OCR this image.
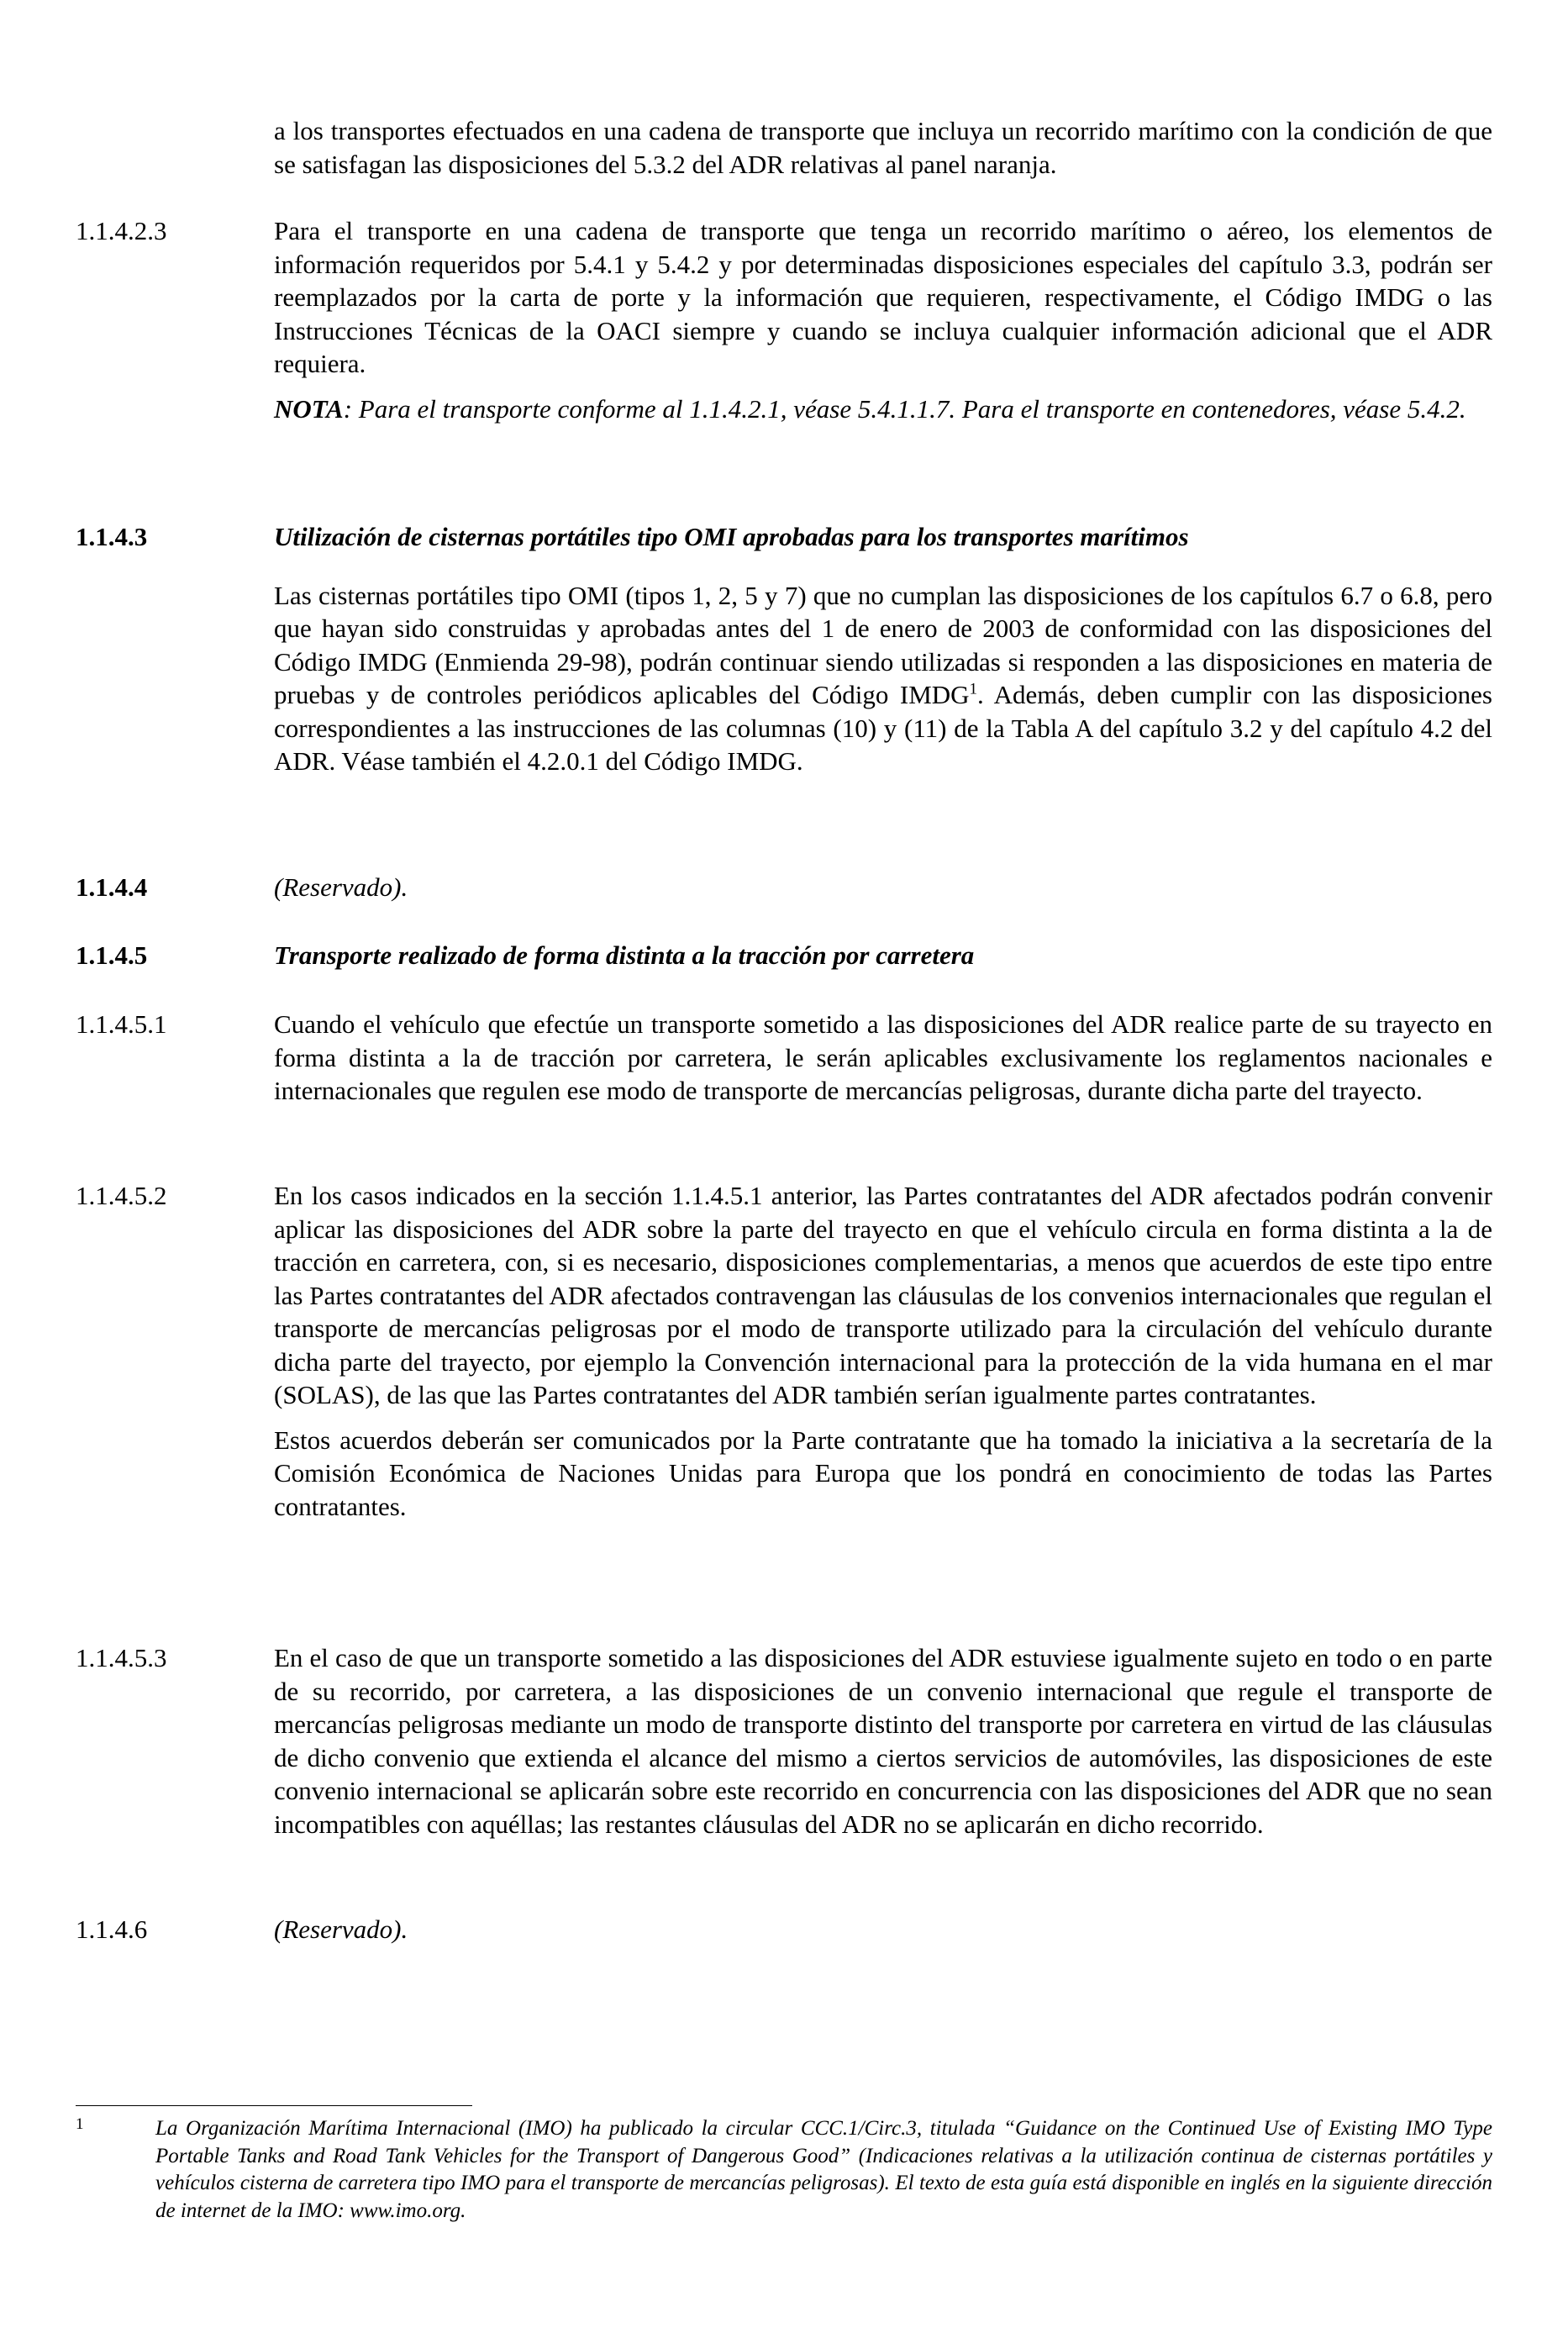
a los transportes efectuados en una cadena de transporte que incluya un recorrido marítimo con la condición de que se satisfagan las disposiciones del 5.3.2 del ADR relativas al panel naranja.

1.1.4.2.3	Para el transporte en una cadena de transporte que tenga un recorrido marítimo o aéreo, los elementos de información requeridos por 5.4.1 y 5.4.2 y por determinadas disposiciones especiales del capítulo 3.3, podrán ser reemplazados por la carta de porte y la información que requieren, respectivamente, el Código IMDG o las Instrucciones Técnicas de la OACI siempre y cuando se incluya cualquier información adicional que el ADR requiera.

NOTA: Para el transporte conforme al 1.1.4.2.1, véase 5.4.1.1.7. Para el transporte en contenedores, véase 5.4.2.

1.1.4.3	Utilización de cisternas portátiles tipo OMI aprobadas para los transportes marítimos

Las cisternas portátiles tipo OMI (tipos 1, 2, 5 y 7) que no cumplan las disposiciones de los capítulos 6.7 o 6.8, pero que hayan sido construidas y aprobadas antes del 1 de enero de 2003 de conformidad con las disposiciones del Código IMDG (Enmienda 29-98), podrán continuar siendo utilizadas si responden a las disposiciones en materia de pruebas y de controles periódicos aplicables del Código IMDG$^1$. Además, deben cumplir con las disposiciones correspondientes a las instrucciones de las columnas (10) y (11) de la Tabla A del capítulo 3.2 y del capítulo 4.2 del ADR. Véase también el 4.2.0.1 del Código IMDG.

1.1.4.4	(Reservado).

1.1.4.5	Transporte realizado de forma distinta a la tracción por carretera

1.1.4.5.1	Cuando el vehículo que efectúe un transporte sometido a las disposiciones del ADR realice parte de su trayecto en forma distinta a la de tracción por carretera, le serán aplicables exclusivamente los reglamentos nacionales e internacionales que regulen ese modo de transporte de mercancías peligrosas, durante dicha parte del trayecto.

1.1.4.5.2	En los casos indicados en la sección 1.1.4.5.1 anterior, las Partes contratantes del ADR afectados podrán convenir aplicar las disposiciones del ADR sobre la parte del trayecto en que el vehículo circula en forma distinta a la de tracción en carretera, con, si es necesario, disposiciones complementarias, a menos que acuerdos de este tipo entre las Partes contratantes del ADR afectados contravengan las cláusulas de los convenios internacionales que regulan el transporte de mercancías peligrosas por el modo de transporte utilizado para la circulación del vehículo durante dicha parte del trayecto, por ejemplo la Convención internacional para la protección de la vida humana en el mar (SOLAS), de las que las Partes contratantes del ADR también serían igualmente partes contratantes.

Estos acuerdos deberán ser comunicados por la Parte contratante que ha tomado la iniciativa a la secretaría de la Comisión Económica de Naciones Unidas para Europa que los pondrá en conocimiento de todas las Partes contratantes.

1.1.4.5.3	En el caso de que un transporte sometido a las disposiciones del ADR estuviese igualmente sujeto en todo o en parte de su recorrido, por carretera, a las disposiciones de un convenio internacional que regule el transporte de mercancías peligrosas mediante un modo de transporte distinto del transporte por carretera en virtud de las cláusulas de dicho convenio que extienda el alcance del mismo a ciertos servicios de automóviles, las disposiciones de este convenio internacional se aplicarán sobre este recorrido en concurrencia con las disposiciones del ADR que no sean incompatibles con aquéllas; las restantes cláusulas del ADR no se aplicarán en dicho recorrido.

1.1.4.6	(Reservado).

1	La Organización Marítima Internacional (IMO) ha publicado la circular CCC.1/Circ.3, titulada “Guidance on the Continued Use of Existing IMO Type Portable Tanks and Road Tank Vehicles for the Transport of Dangerous Good” (Indicaciones relativas a la utilización continua de cisternas portátiles y vehículos cisterna de carretera tipo IMO para el transporte de mercancías peligrosas). El texto de esta guía está disponible en inglés en la siguiente dirección de internet de la IMO: www.imo.org.
